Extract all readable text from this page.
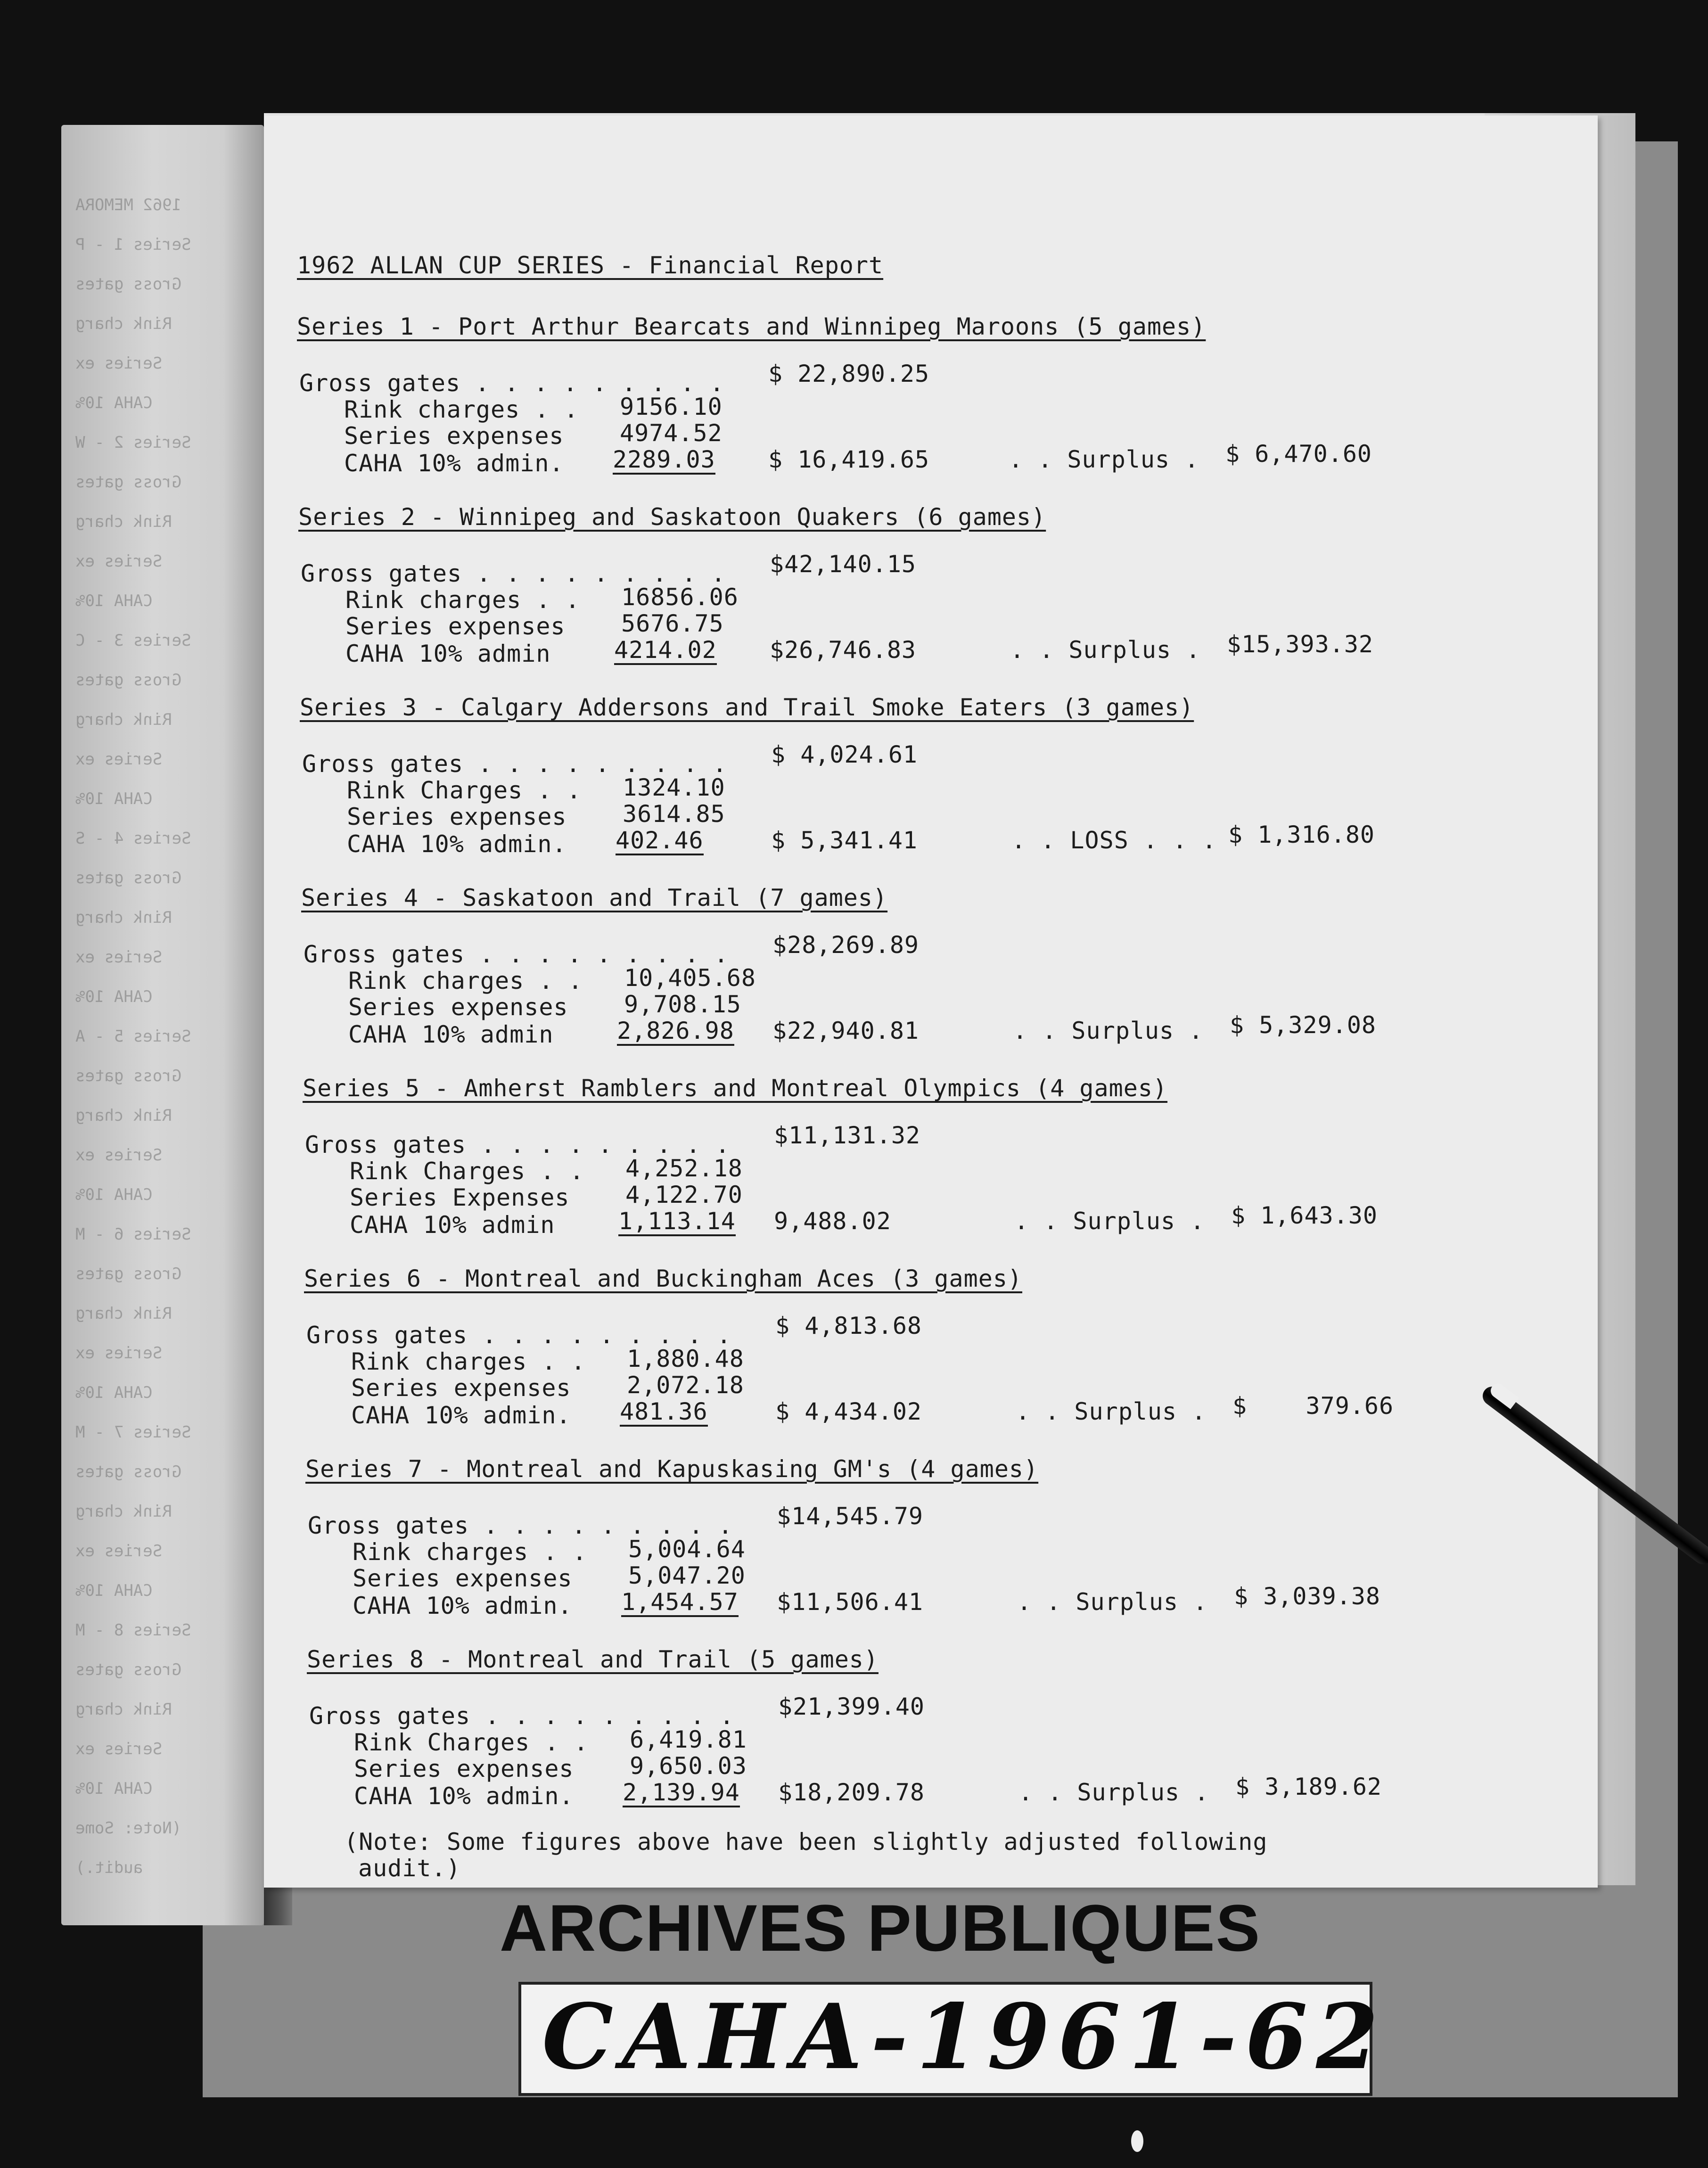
1962 MEMORA
Series 1 - P
Gross gates
Rink charg
Series ex
CAHA 10%
Series 2 - W
Gross gates
Rink charg
Series ex
CAHA 10%
Series 3 - C
Gross gates
Rink charg
Series ex
CAHA 10%
Series 4 - S
Gross gates
Rink charg
Series ex
CAHA 10%
Series 5 - A
Gross gates
Rink charg
Series ex
CAHA 10%
Series 6 - M
Gross gates
Rink charg
Series ex
CAHA 10%
Series 7 - M
Gross gates
Rink charg
Series ex
CAHA 10%
Series 8 - M
Gross gates
Rink charg
Series ex
CAHA 10%
(Note: Some
audit.)
1962 ALLAN CUP SERIES - Financial Report
Series 1 - Port Arthur Bearcats and Winnipeg Maroons (5 games)
Gross gates . . . . . . . . . $ 22,890.25
Rink charges . . 9156.10
Series expenses 4974.52
CAHA 10% admin. 2289.03 $ 16,419.65	. . Surplus . $ 6,470.60
Series 2 - Winnipeg and Saskatoon Quakers (6 games)
Gross gates . . . . . . . . . $42,140.15
Rink charges . . 16856.06
Series expenses 5676.75
CAHA 10% admin	4214.02 $26,746.83	. . Surplus . $15,393.32
Series 3 - Calgary Addersons and Trail Smoke Eaters (3 games)
Gross gates . . . . . . . . . $ 4,024.61
Rink Charges . . 1324.10
Series expenses 3614.85
CAHA 10% admin. 402.46	$ 5,341.41	. . LOSS . . . $ 1,316.80
Series 4 - Saskatoon and Trail (7 games)
Gross gates . . . . . . . . . $28,269.89
Rink charges . . 10,405.68
Series expenses 9,708.15
CAHA 10% admin	2,826.98 $22,940.81	. . Surplus . $ 5,329.08
Series 5 - Amherst Ramblers and Montreal Olympics (4 games)
Gross gates . . . . . . . . . $11,131.32
Rink Charges . . 4,252.18
Series Expenses 4,122.70
CAHA 10% admin	1,113.14 9,488.02	. . Surplus . $ 1,643.30
Series 6 - Montreal and Buckingham Aces (3 games)
Gross gates . . . . . . . . . $ 4,813.68
Rink charges . . 1,880.48
Series expenses 2,072.18
CAHA 10% admin. 481.36	$ 4,434.02	. . Surplus . $    379.66
Series 7 - Montreal and Kapuskasing GM's (4 games)
Gross gates . . . . . . . . . $14,545.79
Rink charges . . 5,004.64
Series expenses 5,047.20
CAHA 10% admin. 1,454.57 $11,506.41	. . Surplus . $ 3,039.38
Series 8 - Montreal and Trail (5 games)
Gross gates . . . . . . . . . $21,399.40
Rink Charges . . 6,419.81
Series expenses 9,650.03
CAHA 10% admin. 2,139.94 $18,209.78	. . Surplus . $ 3,189.62
(Note: Some figures above have been slightly adjusted following
audit.)
ARCHIVES PUBLIQUES
CAHA-1961-62
